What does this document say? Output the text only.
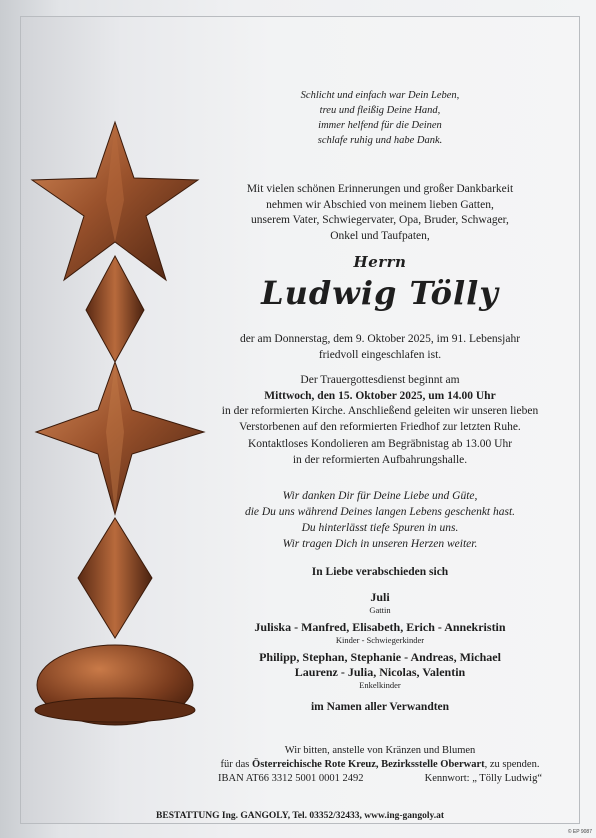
Schlicht und einfach war Dein Leben,
treu und fleißig Deine Hand,
immer helfend für die Deinen
schlafe ruhig und habe Dank.
Mit vielen schönen Erinnerungen und großer Dankbarkeit
nehmen wir Abschied von meinem lieben Gatten,
unserem Vater, Schwiegervater, Opa, Bruder, Schwager,
Onkel und Taufpaten,
Herrn
Ludwig Tölly
der am Donnerstag, dem 9. Oktober 2025, im 91. Lebensjahr
friedvoll eingeschlafen ist.
Der Trauergottesdienst beginnt am
Mittwoch, den 15. Oktober 2025, um 14.00 Uhr
in der reformierten Kirche. Anschließend geleiten wir unseren lieben
Verstorbenen auf den reformierten Friedhof zur letzten Ruhe.
Kontaktloses Kondolieren am Begräbnistag ab 13.00 Uhr
in der reformierten Aufbahrungshalle.
Wir danken Dir für Deine Liebe und Güte,
die Du uns während Deines langen Lebens geschenkt hast.
Du hinterlässt tiefe Spuren in uns.
Wir tragen Dich in unseren Herzen weiter.
In Liebe verabschieden sich
Juli
Gattin
Juliska - Manfred, Elisabeth, Erich - Annekristin
Kinder - Schwiegerkinder
Philipp, Stephan, Stephanie - Andreas, Michael
Laurenz - Julia, Nicolas, Valentin
Enkelkinder
im Namen aller Verwandten
Wir bitten, anstelle von Kränzen und Blumen
für das Österreichische Rote Kreuz, Bezirksstelle Oberwart, zu spenden.
IBAN AT66 3312 5001 0001 2492	Kennwort: „ Tölly Ludwig“
BESTATTUNG Ing. GANGOLY, Tel. 03352/32433, www.ing-gangoly.at
© EP 9087
